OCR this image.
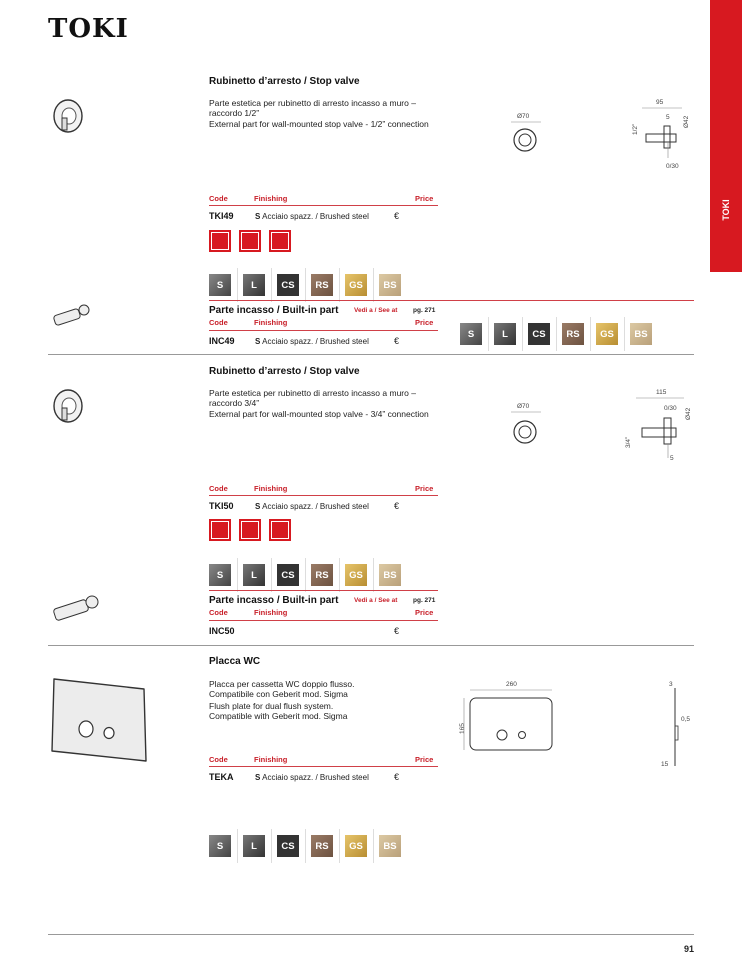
TOKI
TOKI
Rubinetto d’arresto / Stop valve

Parte estetica per rubinetto di arresto incasso a muro – raccordo 1/2”

External part for wall-mounted stop valve - 1/2” connection

Ø70
95
5
1/2”
Ø42
0/30
Code	Finishing	Price
TKI49	S Acciaio spazz. / Brushed steel	€
S	L	CS	RS	GS	BS
Parte incasso / Built-in part Vedi a / See at pg. 271
Code	Finishing	Price
INC49	S Acciaio spazz. / Brushed steel	€
S	L	CS	RS	GS	BS
Rubinetto d’arresto / Stop valve

Parte estetica per rubinetto di arresto incasso a muro – raccordo 3/4”

External part for wall-mounted stop valve - 3/4” connection

Ø70
115
0/30 Ø42
3/4”
5
Code	Finishing	Price
TKI50	S Acciaio spazz. / Brushed steel	€
S	L	CS	RS	GS	BS
Parte incasso / Built-in part Vedi a / See at pg. 271
Code	Finishing	Price
INC50	€
Placca WC

Placca per cassetta WC doppio flusso.

Compatibile con Geberit mod. Sigma

Flush plate for dual flush system.

Compatible with Geberit mod. Sigma

260
165
3
0,5
15
Code	Finishing	Price
TEKA	S Acciaio spazz. / Brushed steel	€
S	L	CS	RS	GS	BS
91
